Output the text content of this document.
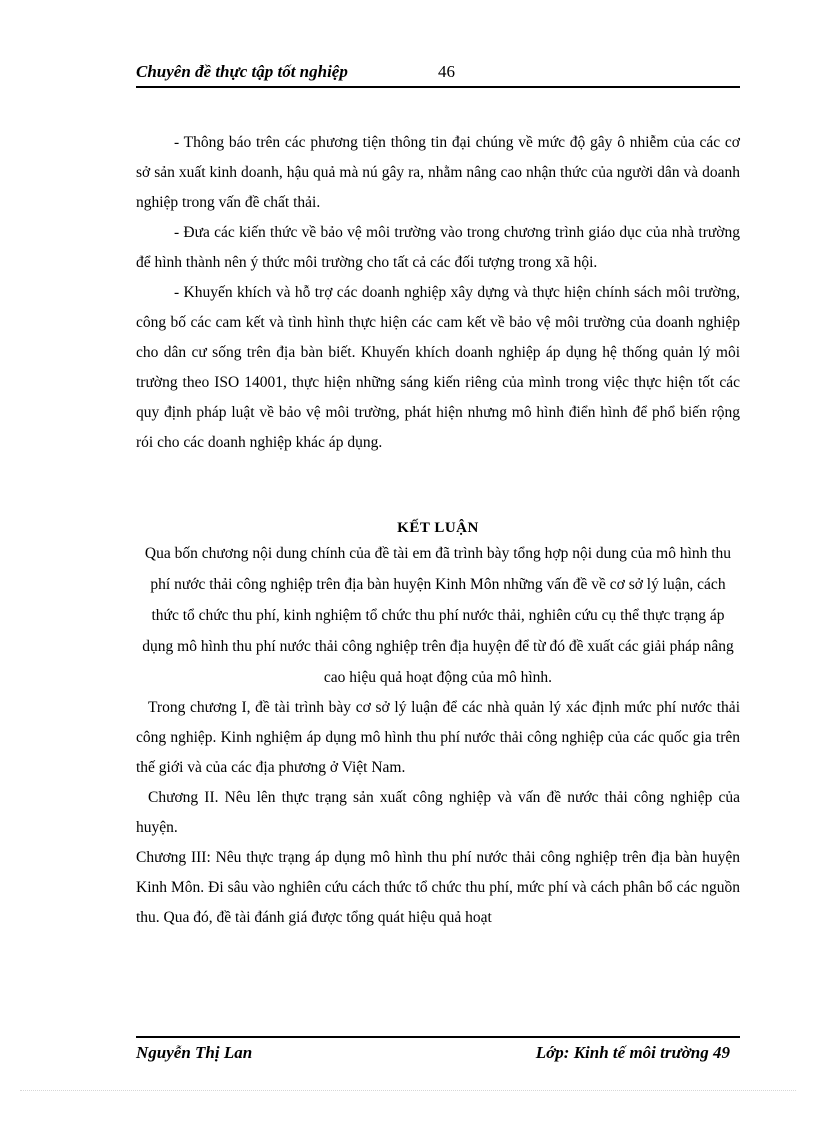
Chuyên đề thực tập tốt nghiệp	46

- Thông báo trên các phương tiện thông tin đại chúng về mức độ gây ô nhiễm của các cơ sở sản xuất kinh doanh, hậu quả mà nú gây ra, nhằm nâng cao nhận thức của người dân và doanh nghiệp trong vấn đề chất thải.

- Đưa các kiến thức về bảo vệ môi trường vào trong chương trình giáo dục của nhà trường để hình thành nên ý thức môi trường cho tất cả các đối tượng trong xã hội.

- Khuyến khích và hỗ trợ các doanh nghiệp xây dựng và thực hiện chính sách môi trường, công bố các cam kết và tình hình thực hiện các cam kết về bảo vệ môi trường của doanh nghiệp cho dân cư sống trên địa bàn biết. Khuyến khích doanh nghiệp áp dụng hệ thống quản lý môi trường theo ISO 14001, thực hiện những sáng kiến riêng của mình trong việc thực hiện tốt các quy định pháp luật về bảo vệ môi trường, phát hiện nhưng mô hình điển hình để phổ biến rộng rói cho các doanh nghiệp khác áp dụng.

KẾT LUẬN

Qua bốn chương nội dung chính của đề tài em đã trình bày tổng hợp nội dung của mô hình thu phí nước thải công nghiệp trên địa bàn huyện Kinh Môn những vấn đề về cơ sở lý luận, cách thức tổ chức thu phí, kinh nghiệm tổ chức thu phí nước thải, nghiên cứu cụ thể thực trạng áp dụng mô hình thu phí nước thải công nghiệp trên địa huyện để từ đó đề xuất các giải pháp nâng cao hiệu quả hoạt động của mô hình.

Trong chương I, đề tài trình bày cơ sở lý luận để các nhà quản lý xác định mức phí nước thải công nghiệp. Kinh nghiệm áp dụng mô hình thu phí nước thải công nghiệp của các quốc gia trên thế giới và của các địa phương ở Việt Nam.

Chương II. Nêu lên thực trạng sản xuất công nghiệp và vấn đề nước thải công nghiệp của huyện.

Chương III: Nêu thực trạng áp dụng mô hình thu phí nước thải công nghiệp trên địa bàn huyện Kinh Môn. Đi sâu vào nghiên cứu cách thức tổ chức thu phí, mức phí và cách phân bổ các nguồn thu. Qua đó, đề tài đánh giá được tổng quát hiệu quả hoạt

Nguyễn Thị Lan	Lớp: Kinh tế môi trường 49
